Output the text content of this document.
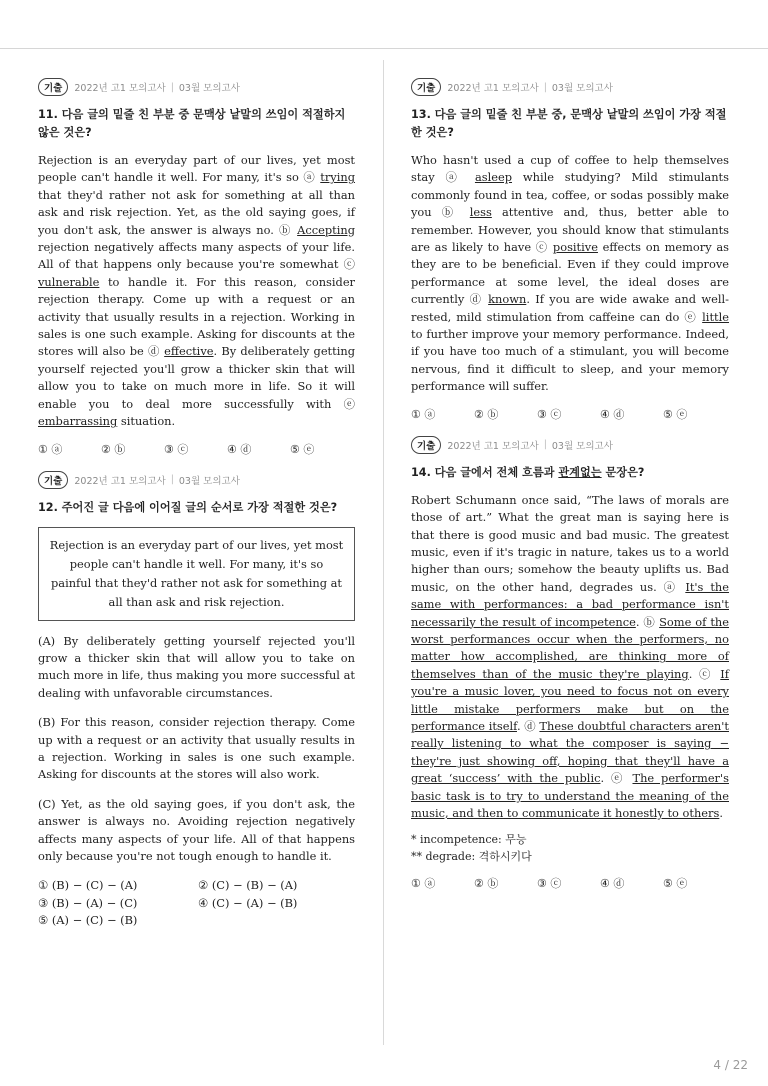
기출	2022년 고1 모의고사 | 03월 모의고사

11. 다음 글의 밑줄 친 부분 중 문맥상 낱말의 쓰임이 적절하지 않은 것은?

Rejection is an everyday part of our lives, yet most people can't handle it well. For many, it's so ⓐ trying that they'd rather not ask for something at all than ask and risk rejection. Yet, as the old saying goes, if you don't ask, the answer is always no. ⓑ Accepting rejection negatively affects many aspects of your life. All of that happens only because you're somewhat ⓒ vulnerable to handle it. For this reason, consider rejection therapy. Come up with a request or an activity that usually results in a rejection. Working in sales is one such example. Asking for discounts at the stores will also be ⓓ effective. By deliberately getting yourself rejected you'll grow a thicker skin that will allow you to take on much more in life. So it will enable you to deal more successfully with ⓔ embarrassing situation.

① ⓐ	② ⓑ	③ ⓒ	④ ⓓ	⑤ ⓔ
기출	2022년 고1 모의고사 | 03월 모의고사

12. 주어진 글 다음에 이어질 글의 순서로 가장 적절한 것은?

Rejection is an everyday part of our lives, yet most people can't handle it well. For many, it's so painful that they'd rather not ask for something at all than ask and risk rejection.

(A) By deliberately getting yourself rejected you'll grow a thicker skin that will allow you to take on much more in life, thus making you more successful at dealing with unfavorable circumstances.

(B) For this reason, consider rejection therapy. Come up with a request or an activity that usually results in a rejection. Working in sales is one such example. Asking for discounts at the stores will also work.

(C) Yet, as the old saying goes, if you don't ask, the answer is always no. Avoiding rejection negatively affects many aspects of your life. All of that happens only because you're not tough enough to handle it.

① (B) − (C) − (A)	② (C) − (B) − (A)
③ (B) − (A) − (C)	④ (C) − (A) − (B)
⑤ (A) − (C) − (B)
기출	2022년 고1 모의고사 | 03월 모의고사

13. 다음 글의 밑줄 친 부분 중, 문맥상 낱말의 쓰임이 가장 적절한 것은?

Who hasn't used a cup of coffee to help themselves stay ⓐ asleep while studying? Mild stimulants commonly found in tea, coffee, or sodas possibly make you ⓑ less attentive and, thus, better able to remember. However, you should know that stimulants are as likely to have ⓒ positive effects on memory as they are to be beneficial. Even if they could improve performance at some level, the ideal doses are currently ⓓ known. If you are wide awake and well-rested, mild stimulation from caffeine can do ⓔ little to further improve your memory performance. Indeed, if you have too much of a stimulant, you will become nervous, find it difficult to sleep, and your memory performance will suffer.

① ⓐ	② ⓑ	③ ⓒ	④ ⓓ	⑤ ⓔ
기출	2022년 고1 모의고사 | 03월 모의고사

14. 다음 글에서 전체 흐름과 관계없는 문장은?

Robert Schumann once said, “The laws of morals are those of art.” What the great man is saying here is that there is good music and bad music. The greatest music, even if it's tragic in nature, takes us to a world higher than ours; somehow the beauty uplifts us. Bad music, on the other hand, degrades us. ⓐ It's the same with performances: a bad performance isn't necessarily the result of incompetence. ⓑ Some of the worst performances occur when the performers, no matter how accomplished, are thinking more of themselves than of the music they're playing. ⓒ If you're a music lover, you need to focus not on every little mistake performers make but on the performance itself. ⓓ These doubtful characters aren't really listening to what the composer is saying − they're just showing off, hoping that they'll have a great ‘success’ with the public. ⓔ The performer's basic task is to try to understand the meaning of the music, and then to communicate it honestly to others.

* incompetence: 무능
** degrade: 격하시키다
① ⓐ	② ⓑ	③ ⓒ	④ ⓓ	⑤ ⓔ
4 / 22
